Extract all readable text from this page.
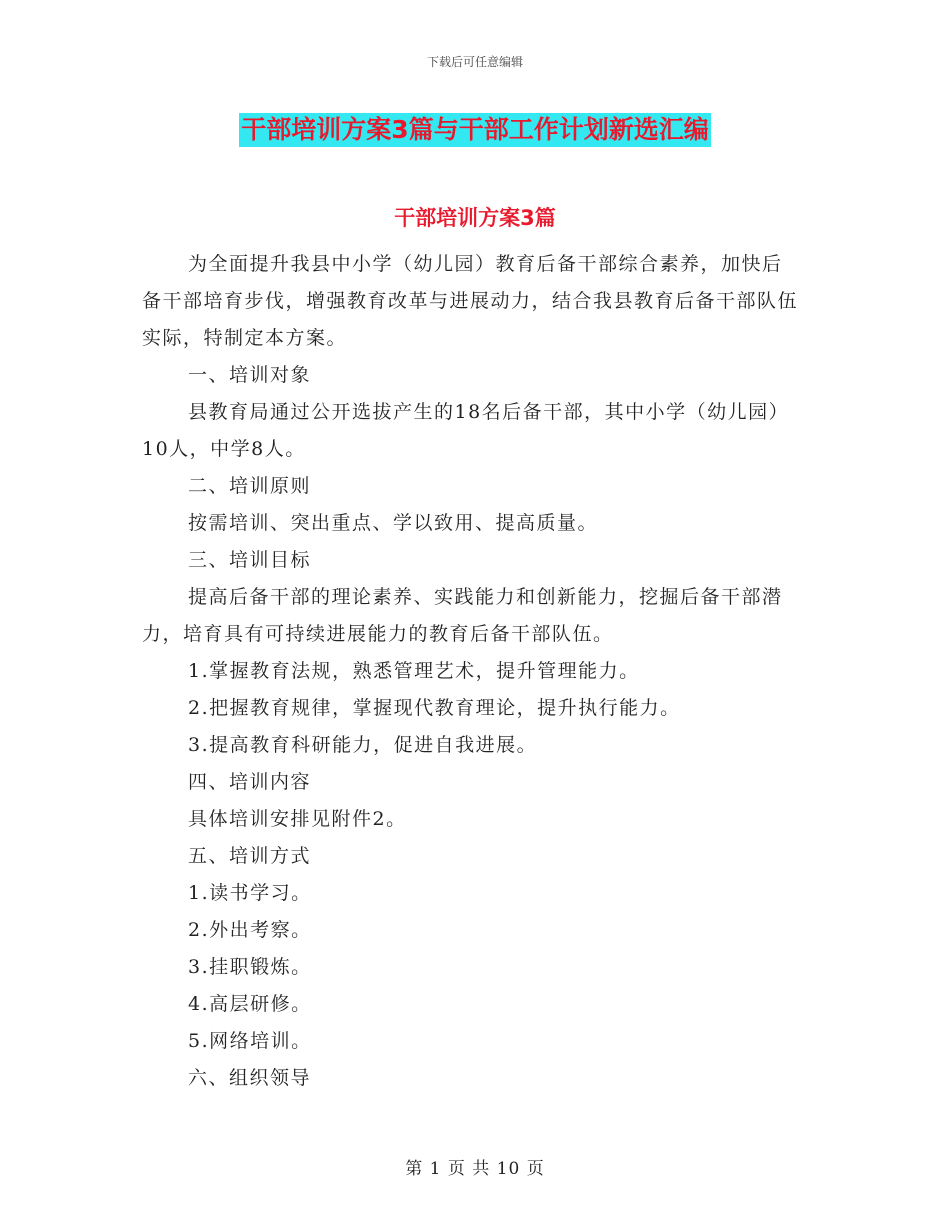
下载后可任意编辑
干部培训方案3篇与干部工作计划新选汇编
干部培训方案3篇

为全面提升我县中小学（幼儿园）教育后备干部综合素养，加快后备干部培育步伐，增强教育改革与进展动力，结合我县教育后备干部队伍实际，特制定本方案。

一、培训对象

县教育局通过公开选拔产生的18名后备干部，其中小学（幼儿园）10人，中学8人。

二、培训原则

按需培训、突出重点、学以致用、提高质量。

三、培训目标

提高后备干部的理论素养、实践能力和创新能力，挖掘后备干部潜力，培育具有可持续进展能力的教育后备干部队伍。

1.掌握教育法规，熟悉管理艺术，提升管理能力。

2.把握教育规律，掌握现代教育理论，提升执行能力。

3.提高教育科研能力，促进自我进展。

四、培训内容

具体培训安排见附件2。

五、培训方式

1.读书学习。

2.外出考察。

3.挂职锻炼。

4.高层研修。

5.网络培训。

六、组织领导

第 1 页 共 10 页
